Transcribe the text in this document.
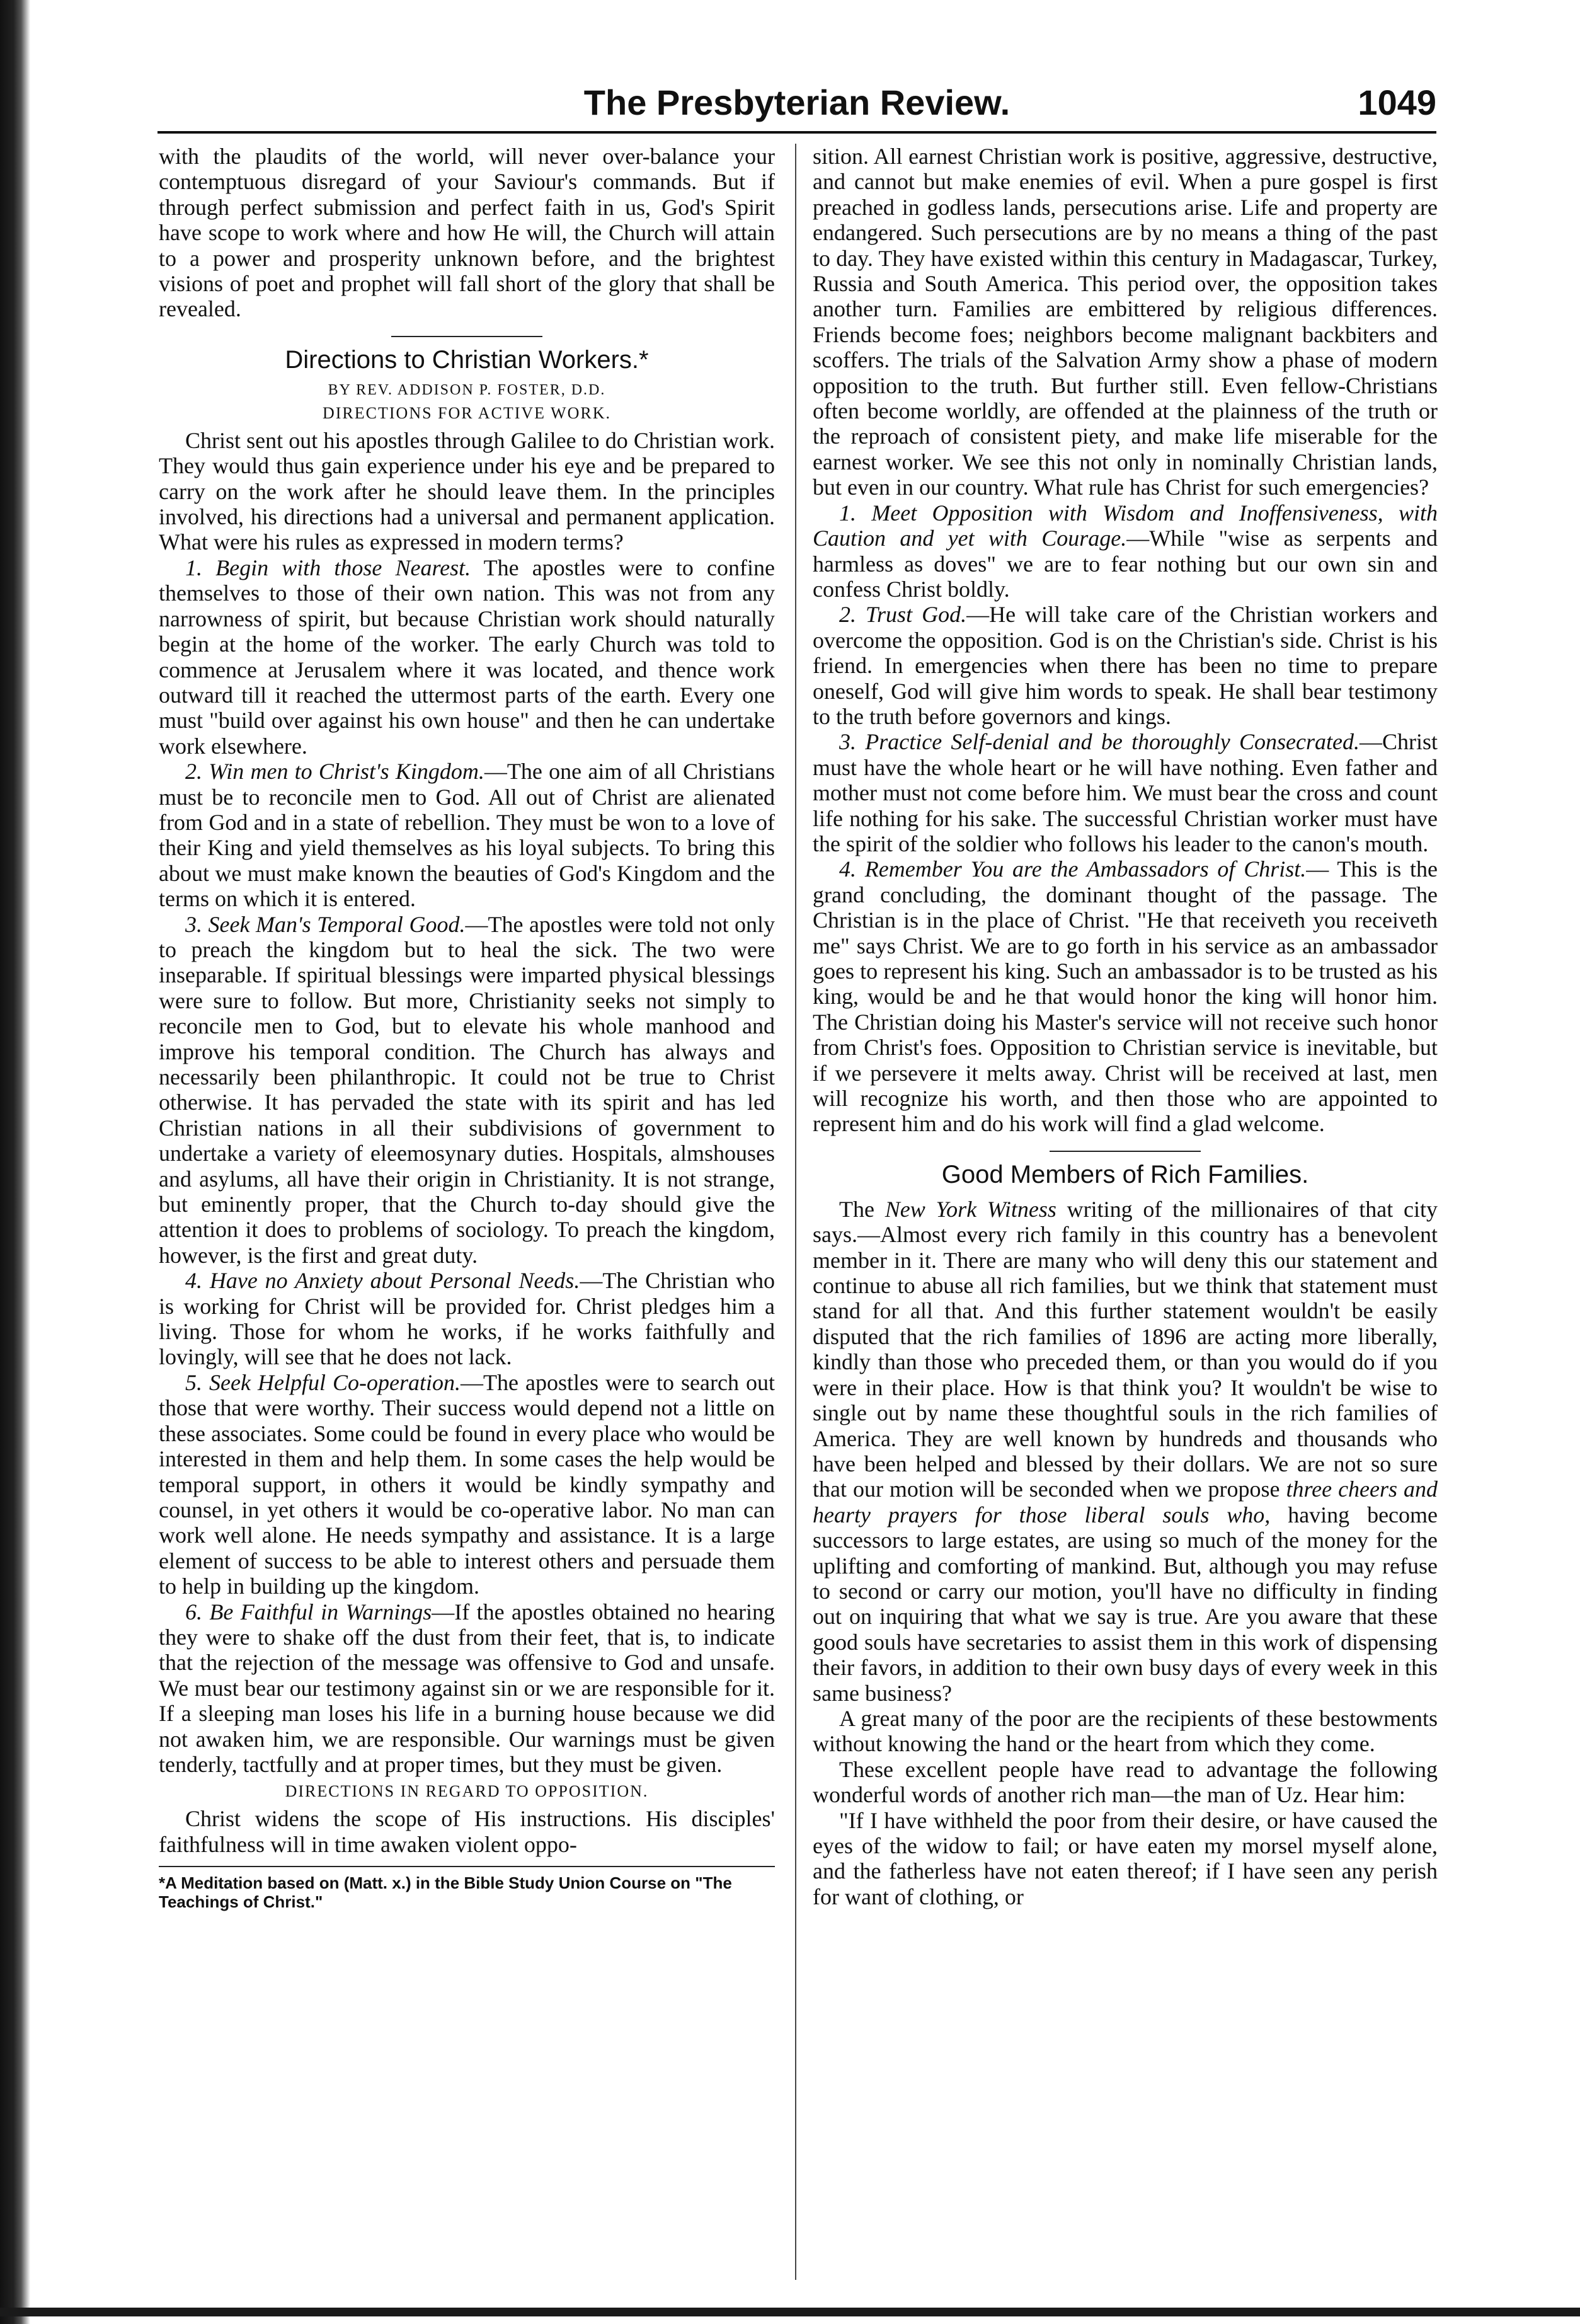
The Presbyterian Review.	1049

with the plaudits of the world, will never over-balance your contemptuous disregard of your Saviour's commands. But if through perfect submission and perfect faith in us, God's Spirit have scope to work where and how He will, the Church will attain to a power and prosperity unknown before, and the brightest visions of poet and prophet will fall short of the glory that shall be revealed.

Directions to Christian Workers.*
BY REV. ADDISON P. FOSTER, D.D.
DIRECTIONS FOR ACTIVE WORK.

Christ sent out his apostles through Galilee to do Christian work. They would thus gain experience under his eye and be prepared to carry on the work after he should leave them. In the principles involved, his directions had a universal and permanent application. What were his rules as expressed in modern terms?

1. Begin with those Nearest. The apostles were to confine themselves to those of their own nation. This was not from any narrowness of spirit, but because Christian work should naturally begin at the home of the worker. The early Church was told to commence at Jerusalem where it was located, and thence work outward till it reached the uttermost parts of the earth. Every one must "build over against his own house" and then he can undertake work elsewhere.

2. Win men to Christ's Kingdom.—The one aim of all Christians must be to reconcile men to God. All out of Christ are alienated from God and in a state of rebellion. They must be won to a love of their King and yield themselves as his loyal subjects. To bring this about we must make known the beauties of God's Kingdom and the terms on which it is entered.

3. Seek Man's Temporal Good.—The apostles were told not only to preach the kingdom but to heal the sick. The two were inseparable. If spiritual blessings were imparted physical blessings were sure to follow. But more, Christianity seeks not simply to reconcile men to God, but to elevate his whole manhood and improve his temporal condition. The Church has always and necessarily been philanthropic. It could not be true to Christ otherwise. It has pervaded the state with its spirit and has led Christian nations in all their subdivisions of government to undertake a variety of eleemosynary duties. Hospitals, almshouses and asylums, all have their origin in Christianity. It is not strange, but eminently proper, that the Church to-day should give the attention it does to problems of sociology. To preach the kingdom, however, is the first and great duty.

4. Have no Anxiety about Personal Needs.—The Christian who is working for Christ will be provided for. Christ pledges him a living. Those for whom he works, if he works faithfully and lovingly, will see that he does not lack.

5. Seek Helpful Co-operation.—The apostles were to search out those that were worthy. Their success would depend not a little on these associates. Some could be found in every place who would be interested in them and help them. In some cases the help would be temporal support, in others it would be kindly sympathy and counsel, in yet others it would be co-operative labor. No man can work well alone. He needs sympathy and assistance. It is a large element of success to be able to interest others and persuade them to help in building up the kingdom.

6. Be Faithful in Warnings—If the apostles obtained no hearing they were to shake off the dust from their feet, that is, to indicate that the rejection of the message was offensive to God and unsafe. We must bear our testimony against sin or we are responsible for it. If a sleeping man loses his life in a burning house because we did not awaken him, we are responsible. Our warnings must be given tenderly, tactfully and at proper times, but they must be given.

DIRECTIONS IN REGARD TO OPPOSITION.

Christ widens the scope of His instructions. His disciples' faithfulness will in time awaken violent oppo-

*A Meditation based on (Matt. x.) in the Bible Study Union Course on "The Teachings of Christ."

sition. All earnest Christian work is positive, aggressive, destructive, and cannot but make enemies of evil. When a pure gospel is first preached in godless lands, persecutions arise. Life and property are endangered. Such persecutions are by no means a thing of the past to day. They have existed within this century in Madagascar, Turkey, Russia and South America. This period over, the opposition takes another turn. Families are embittered by religious differences. Friends become foes; neighbors become malignant backbiters and scoffers. The trials of the Salvation Army show a phase of modern opposition to the truth. But further still. Even fellow-Christians often become worldly, are offended at the plainness of the truth or the reproach of consistent piety, and make life miserable for the earnest worker. We see this not only in nominally Christian lands, but even in our country. What rule has Christ for such emergencies?

1. Meet Opposition with Wisdom and Inoffensiveness, with Caution and yet with Courage.—While "wise as serpents and harmless as doves" we are to fear nothing but our own sin and confess Christ boldly.

2. Trust God.—He will take care of the Christian workers and overcome the opposition. God is on the Christian's side. Christ is his friend. In emergencies when there has been no time to prepare oneself, God will give him words to speak. He shall bear testimony to the truth before governors and kings.

3. Practice Self-denial and be thoroughly Consecrated.—Christ must have the whole heart or he will have nothing. Even father and mother must not come before him. We must bear the cross and count life nothing for his sake. The successful Christian worker must have the spirit of the soldier who follows his leader to the canon's mouth.

4. Remember You are the Ambassadors of Christ.— This is the grand concluding, the dominant thought of the passage. The Christian is in the place of Christ. "He that receiveth you receiveth me" says Christ. We are to go forth in his service as an ambassador goes to represent his king. Such an ambassador is to be trusted as his king, would be and he that would honor the king will honor him. The Christian doing his Master's service will not receive such honor from Christ's foes. Opposition to Christian service is inevitable, but if we persevere it melts away. Christ will be received at last, men will recognize his worth, and then those who are appointed to represent him and do his work will find a glad welcome.

Good Members of Rich Families.

The New York Witness writing of the millionaires of that city says.—Almost every rich family in this country has a benevolent member in it. There are many who will deny this our statement and continue to abuse all rich families, but we think that statement must stand for all that. And this further statement wouldn't be easily disputed that the rich families of 1896 are acting more liberally, kindly than those who preceded them, or than you would do if you were in their place. How is that think you? It wouldn't be wise to single out by name these thoughtful souls in the rich families of America. They are well known by hundreds and thousands who have been helped and blessed by their dollars. We are not so sure that our motion will be seconded when we propose three cheers and hearty prayers for those liberal souls who, having become successors to large estates, are using so much of the money for the uplifting and comforting of mankind. But, although you may refuse to second or carry our motion, you'll have no difficulty in finding out on inquiring that what we say is true. Are you aware that these good souls have secretaries to assist them in this work of dispensing their favors, in addition to their own busy days of every week in this same business?

A great many of the poor are the recipients of these bestowments without knowing the hand or the heart from which they come.

These excellent people have read to advantage the following wonderful words of another rich man—the man of Uz. Hear him:

"If I have withheld the poor from their desire, or have caused the eyes of the widow to fail; or have eaten my morsel myself alone, and the fatherless have not eaten thereof; if I have seen any perish for want of clothing, or
